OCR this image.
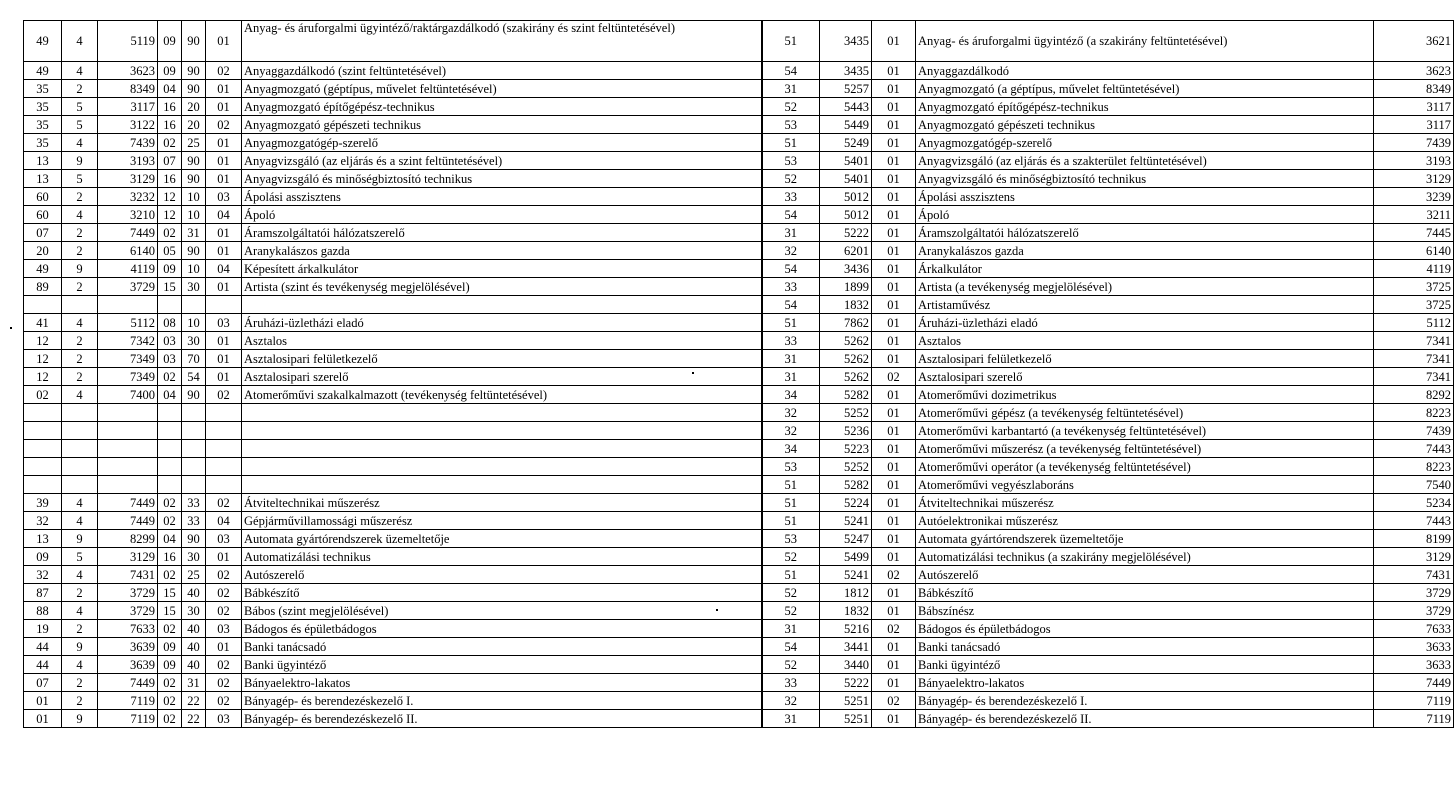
49	4	5119	09	90	01	Anyag- és áruforgalmi ügyintéző/raktárgazdálkodó (szakirány és szint feltüntetésével)	51	3435	01	Anyag- és áruforgalmi ügyintéző (a szakirány feltüntetésével)	3621
49	4	3623	09	90	02	Anyaggazdálkodó (szint feltüntetésével)	54	3435	01	Anyaggazdálkodó	3623
35	2	8349	04	90	01	Anyagmozgató (géptípus, művelet feltüntetésével)	31	5257	01	Anyagmozgató (a géptípus, művelet feltüntetésével)	8349
35	5	3117	16	20	01	Anyagmozgató építőgépész-technikus	52	5443	01	Anyagmozgató építőgépész-technikus	3117
35	5	3122	16	20	02	Anyagmozgató gépészeti technikus	53	5449	01	Anyagmozgató gépészeti technikus	3117
35	4	7439	02	25	01	Anyagmozgatógép-szerelő	51	5249	01	Anyagmozgatógép-szerelő	7439
13	9	3193	07	90	01	Anyagvizsgáló (az eljárás és a szint feltüntetésével)	53	5401	01	Anyagvizsgáló (az eljárás és a szakterület feltüntetésével)	3193
13	5	3129	16	90	01	Anyagvizsgáló és minőségbiztosító technikus	52	5401	01	Anyagvizsgáló és minőségbiztosító technikus	3129
60	2	3232	12	10	03	Ápolási asszisztens	33	5012	01	Ápolási asszisztens	3239
60	4	3210	12	10	04	Ápoló	54	5012	01	Ápoló	3211
07	2	7449	02	31	01	Áramszolgáltatói hálózatszerelő	31	5222	01	Áramszolgáltatói hálózatszerelő	7445
20	2	6140	05	90	01	Aranykalászos gazda	32	6201	01	Aranykalászos gazda	6140
49	9	4119	09	10	04	Képesített árkalkulátor	54	3436	01	Árkalkulátor	4119
89	2	3729	15	30	01	Artista (szint és tevékenység megjelölésével)	33	1899	01	Artista (a tevékenység megjelölésével)	3725
							54	1832	01	Artistaművész	3725
41	4	5112	08	10	03	Áruházi-üzletházi eladó	51	7862	01	Áruházi-üzletházi eladó	5112
12	2	7342	03	30	01	Asztalos	33	5262	01	Asztalos	7341
12	2	7349	03	70	01	Asztalosipari felületkezelő	31	5262	01	Asztalosipari felületkezelő	7341
12	2	7349	02	54	01	Asztalosipari szerelő	31	5262	02	Asztalosipari szerelő	7341
02	4	7400	04	90	02	Atomerőművi szakalkalmazott (tevékenység feltüntetésével)	34	5282	01	Atomerőművi dozimetrikus	8292
							32	5252	01	Atomerőművi gépész (a tevékenység feltüntetésével)	8223
							32	5236	01	Atomerőművi karbantartó (a tevékenység feltüntetésével)	7439
							34	5223	01	Atomerőművi műszerész (a tevékenység feltüntetésével)	7443
							53	5252	01	Atomerőművi operátor (a tevékenység feltüntetésével)	8223
							51	5282	01	Atomerőművi vegyészlaboráns	7540
39	4	7449	02	33	02	Átviteltechnikai műszerész	51	5224	01	Átviteltechnikai műszerész	5234
32	4	7449	02	33	04	Gépjárművillamossági műszerész	51	5241	01	Autóelektronikai műszerész	7443
13	9	8299	04	90	03	Automata gyártórendszerek üzemeltetője	53	5247	01	Automata gyártórendszerek üzemeltetője	8199
09	5	3129	16	30	01	Automatizálási technikus	52	5499	01	Automatizálási technikus (a szakirány megjelölésével)	3129
32	4	7431	02	25	02	Autószerelő	51	5241	02	Autószerelő	7431
87	2	3729	15	40	02	Bábkészítő	52	1812	01	Bábkészítő	3729
88	4	3729	15	30	02	Bábos (szint megjelölésével)	52	1832	01	Bábszínész	3729
19	2	7633	02	40	03	Bádogos és épületbádogos	31	5216	02	Bádogos és épületbádogos	7633
44	9	3639	09	40	01	Banki tanácsadó	54	3441	01	Banki tanácsadó	3633
44	4	3639	09	40	02	Banki ügyintéző	52	3440	01	Banki ügyintéző	3633
07	2	7449	02	31	02	Bányaelektro-lakatos	33	5222	01	Bányaelektro-lakatos	7449
01	2	7119	02	22	02	Bányagép- és berendezéskezelő I.	32	5251	02	Bányagép- és berendezéskezelő I.	7119
01	9	7119	02	22	03	Bányagép- és berendezéskezelő II.	31	5251	01	Bányagép- és berendezéskezelő II.	7119
